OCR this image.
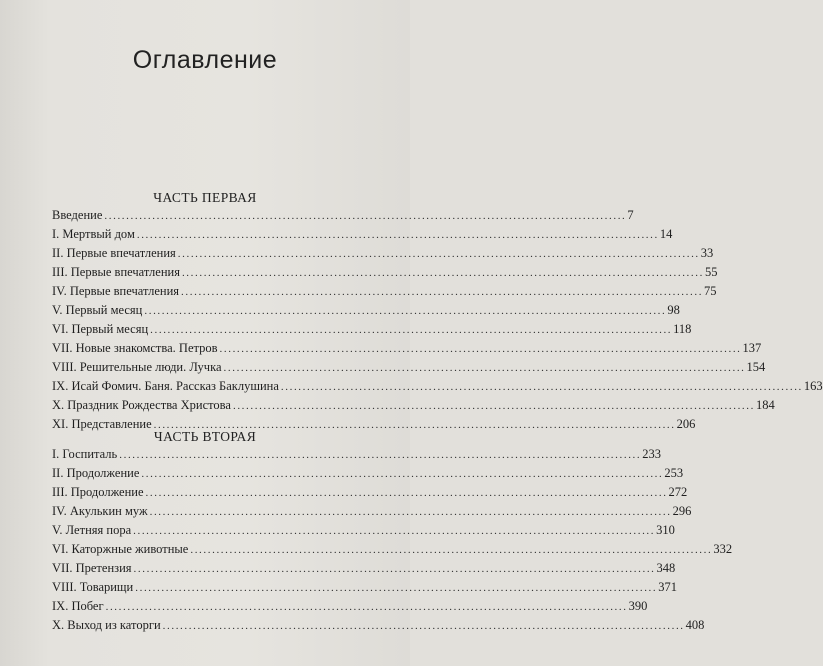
Оглавление
ЧАСТЬ ПЕРВАЯ
Введение ........................................................................................................................ 7
I. Мертвый дом ........................................................................................................................ 14
II. Первые впечатления ........................................................................................................................ 33
III. Первые впечатления ........................................................................................................................ 55
IV. Первые впечатления ........................................................................................................................ 75
V. Первый месяц ........................................................................................................................ 98
VI. Первый месяц ........................................................................................................................ 118
VII. Новые знакомства. Петров ........................................................................................................................ 137
VIII. Решительные люди. Лучка ........................................................................................................................ 154
IX. Исай Фомич. Баня. Рассказ Баклушина ........................................................................................................................ 163
X. Праздник Рождества Христова ........................................................................................................................ 184
XI. Представление ........................................................................................................................ 206
ЧАСТЬ ВТОРАЯ
I. Госпиталь ........................................................................................................................ 233
II. Продолжение ........................................................................................................................ 253
III. Продолжение ........................................................................................................................ 272
IV. Акулькин муж ........................................................................................................................ 296
V. Летняя пора ........................................................................................................................ 310
VI. Каторжные животные ........................................................................................................................ 332
VII. Претензия ........................................................................................................................ 348
VIII. Товарищи ........................................................................................................................ 371
IX. Побег ........................................................................................................................ 390
X. Выход из каторги ........................................................................................................................ 408
